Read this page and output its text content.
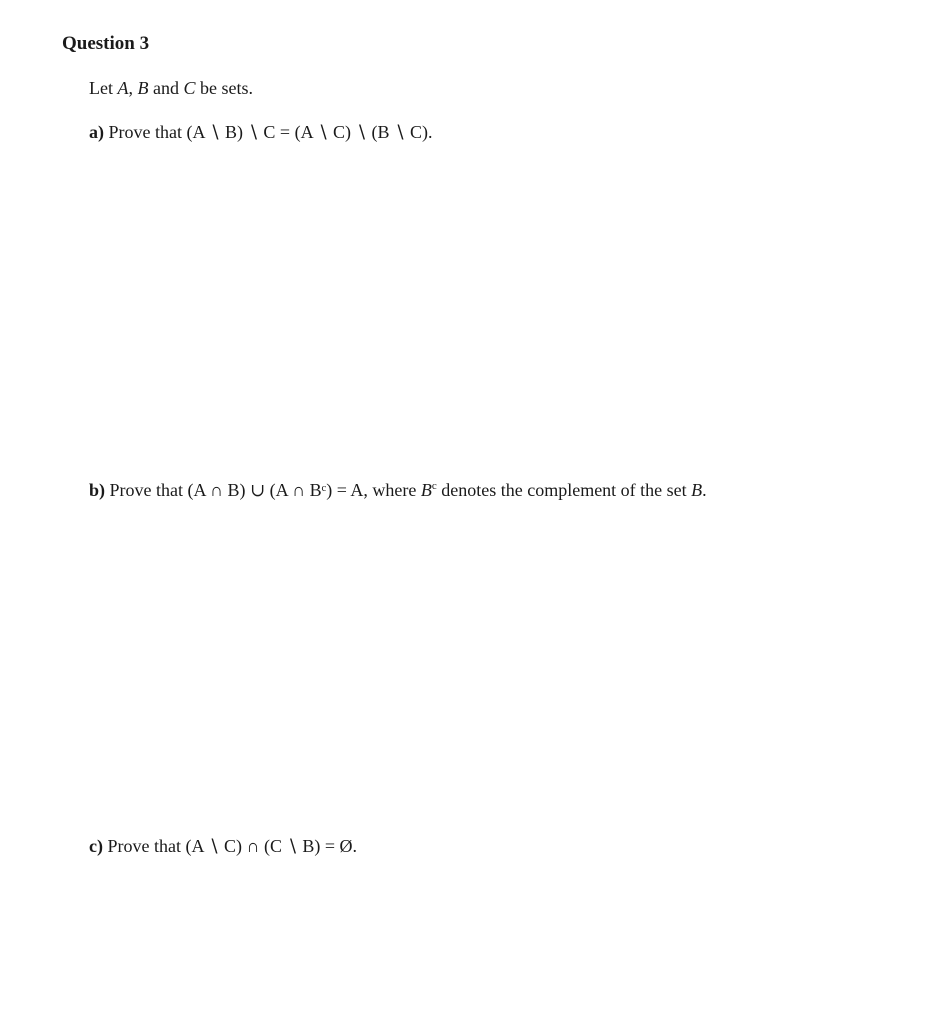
Question 3
Let A, B and C be sets.
a) Prove that (A ∖ B) ∖ C = (A ∖ C) ∖ (B ∖ C).
b) Prove that (A ∩ B) ∪ (A ∩ Bᶜ) = A, where $B^c$ denotes the complement of the set B.
c) Prove that (A ∖ C) ∩ (C ∖ B) = Ø.
